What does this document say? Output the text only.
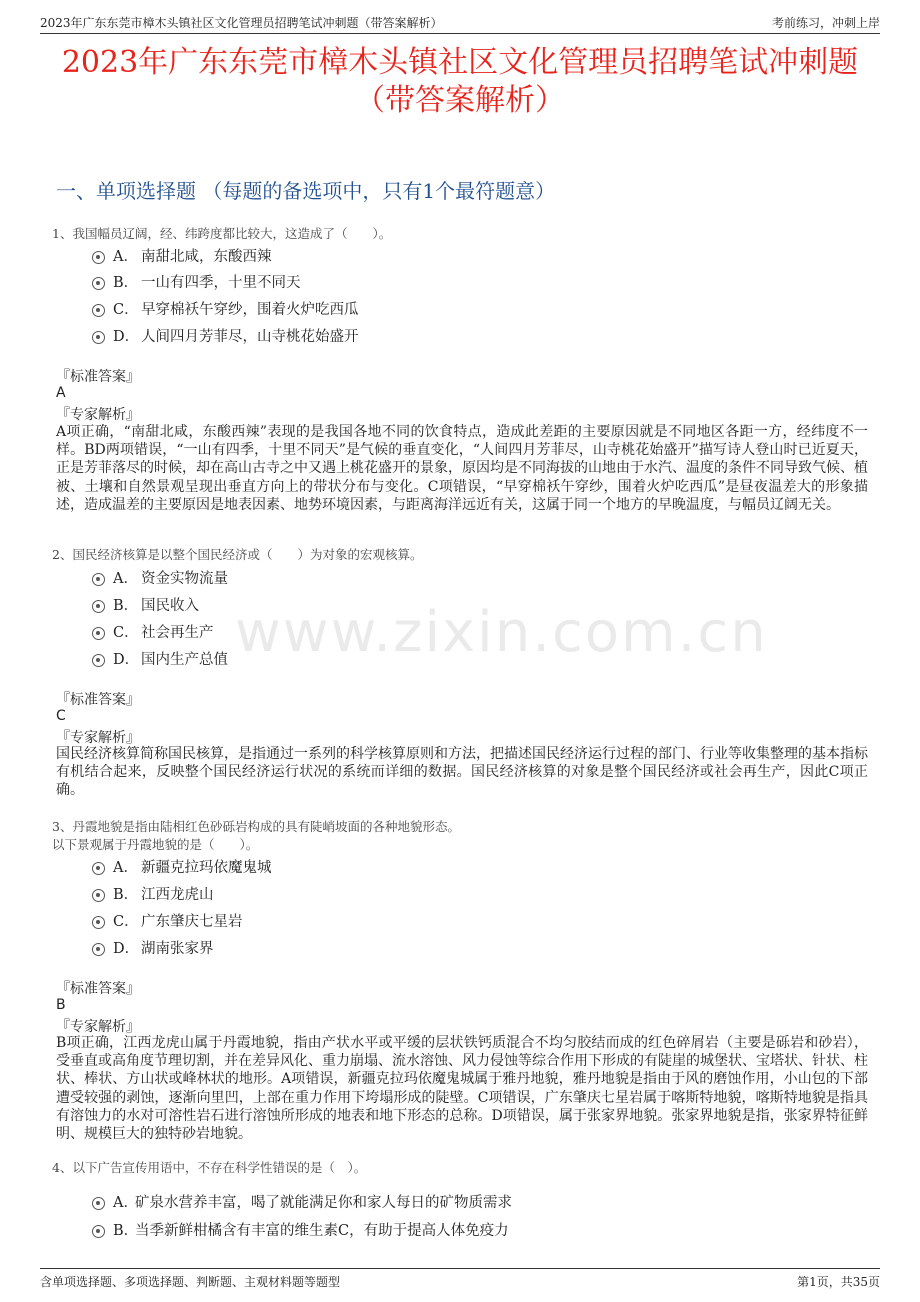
2023年广东东莞市樟木头镇社区文化管理员招聘笔试冲刺题（带答案解析）	考前练习，冲刺上岸
2023年广东东莞市樟木头镇社区文化管理员招聘笔试冲刺题
（带答案解析）
一、单项选择题 （每题的备选项中，只有1个最符题意）
www.zixin.com.cn
1、我国幅员辽阔，经、纬跨度都比较大，这造成了（　　）。
A． 南甜北咸，东酸西辣
B． 一山有四季，十里不同天
C． 早穿棉袄午穿纱，围着火炉吃西瓜
D． 人间四月芳菲尽，山寺桃花始盛开
『标准答案』
A
『专家解析』
A项正确，“南甜北咸，东酸西辣”表现的是我国各地不同的饮食特点，造成此差距的主要原因就是不同地区各距一方，经纬度不一样。BD两项错误，“一山有四季，十里不同天”是气候的垂直变化，“人间四月芳菲尽，山寺桃花始盛开”描写诗人登山时已近夏天，正是芳菲落尽的时候，却在高山古寺之中又遇上桃花盛开的景象，原因均是不同海拔的山地由于水汽、温度的条件不同导致气候、植被、土壤和自然景观呈现出垂直方向上的带状分布与变化。C项错误，“早穿棉袄午穿纱，围着火炉吃西瓜”是昼夜温差大的形象描述，造成温差的主要原因是地表因素、地势环境因素，与距离海洋远近有关，这属于同一个地方的早晚温度，与幅员辽阔无关。
2、国民经济核算是以整个国民经济或（　　）为对象的宏观核算。
A． 资金实物流量
B． 国民收入
C． 社会再生产
D． 国内生产总值
『标准答案』
C
『专家解析』
国民经济核算简称国民核算，是指通过一系列的科学核算原则和方法，把描述国民经济运行过程的部门、行业等收集整理的基本指标有机结合起来，反映整个国民经济运行状况的系统而详细的数据。国民经济核算的对象是整个国民经济或社会再生产，因此C项正确。
3、丹霞地貌是指由陆相红色砂砾岩构成的具有陡峭坡面的各种地貌形态。
以下景观属于丹霞地貌的是（　　）。
A． 新疆克拉玛依魔鬼城
B． 江西龙虎山
C． 广东肇庆七星岩
D． 湖南张家界
『标准答案』
B
『专家解析』
B项正确，江西龙虎山属于丹霞地貌，指由产状水平或平缓的层状铁钙质混合不均匀胶结而成的红色碎屑岩（主要是砾岩和砂岩），受垂直或高角度节理切割，并在差异风化、重力崩塌、流水溶蚀、风力侵蚀等综合作用下形成的有陡崖的城堡状、宝塔状、针状、柱状、棒状、方山状或峰林状的地形。A项错误，新疆克拉玛依魔鬼城属于雅丹地貌，雅丹地貌是指由于风的磨蚀作用，小山包的下部遭受较强的剥蚀，逐渐向里凹，上部在重力作用下垮塌形成的陡壁。C项错误，广东肇庆七星岩属于喀斯特地貌，喀斯特地貌是指具有溶蚀力的水对可溶性岩石进行溶蚀所形成的地表和地下形态的总称。D项错误，属于张家界地貌。张家界地貌是指，张家界特征鲜明、规模巨大的独特砂岩地貌。
4、以下广告宣传用语中，不存在科学性错误的是（　）。
A．
矿泉水营养丰富，喝了就能满足你和家人每日的矿物质需求
B．
当季新鲜柑橘含有丰富的维生素C，有助于提高人体免疫力
含单项选择题、多项选择题、判断题、主观材料题等题型	第1页，共35页
